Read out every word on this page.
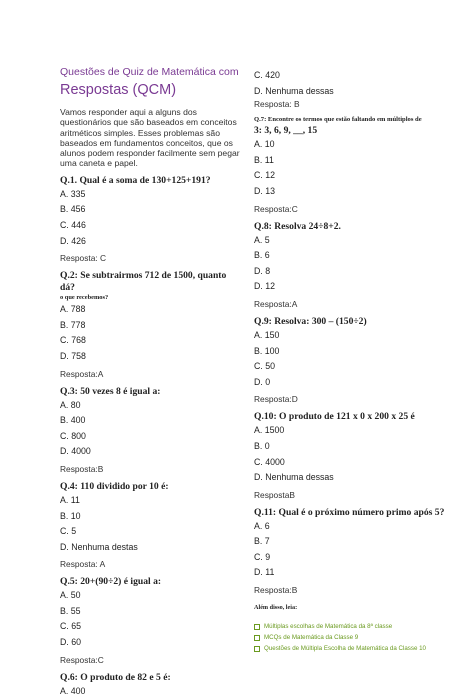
Questões de Quiz de Matemática com
Respostas (QCM)
Vamos responder aqui a alguns dos questionários que são baseados em conceitos aritméticos simples. Esses problemas são baseados em fundamentos conceitos, que os alunos podem responder facilmente sem pegar uma caneta e papel.
Q.1. Qual é a soma de 130+125+191?
A. 335
B. 456
C. 446
D. 426
Resposta: C
Q.2: Se subtrairmos 712 de 1500, quanto dá?
o que recebemos?
A. 788
B. 778
C. 768
D. 758
Resposta:A
Q.3: 50 vezes 8 é igual a:
A. 80
B. 400
C. 800
D. 4000
Resposta:B
Q.4: 110 dividido por 10 é:
A. 11
B. 10
C. 5
D. Nenhuma destas
Resposta: A
Q.5: 20+(90÷2) é igual a:
A. 50
B. 55
C. 65
D. 60
Resposta:C
Q.6: O produto de 82 e 5 é:
A. 400
C. 420
D. Nenhuma dessas
Resposta: B
Q.7: Encontre os termos que estão faltando em múltiplos de
3: 3, 6, 9, __, 15
A. 10
B. 11
C. 12
D. 13
Resposta:C
Q.8: Resolva 24÷8+2.
A. 5
B. 6
D. 8
D. 12
Resposta:A
Q.9: Resolva: 300 – (150÷2)
A. 150
B. 100
C. 50
D. 0
Resposta:D
Q.10: O produto de 121 x 0 x 200 x 25 é
A. 1500
B. 0
C. 4000
D. Nenhuma dessas
RespostaB
Q.11: Qual é o próximo número primo após 5?
A. 6
B. 7
C. 9
D. 11
Resposta:B
Além disso, leia:
Múltiplas escolhas de Matemática da 8ª classe
MCQs de Matemática da Classe 9
Questões de Múltipla Escolha de Matemática da Classe 10
